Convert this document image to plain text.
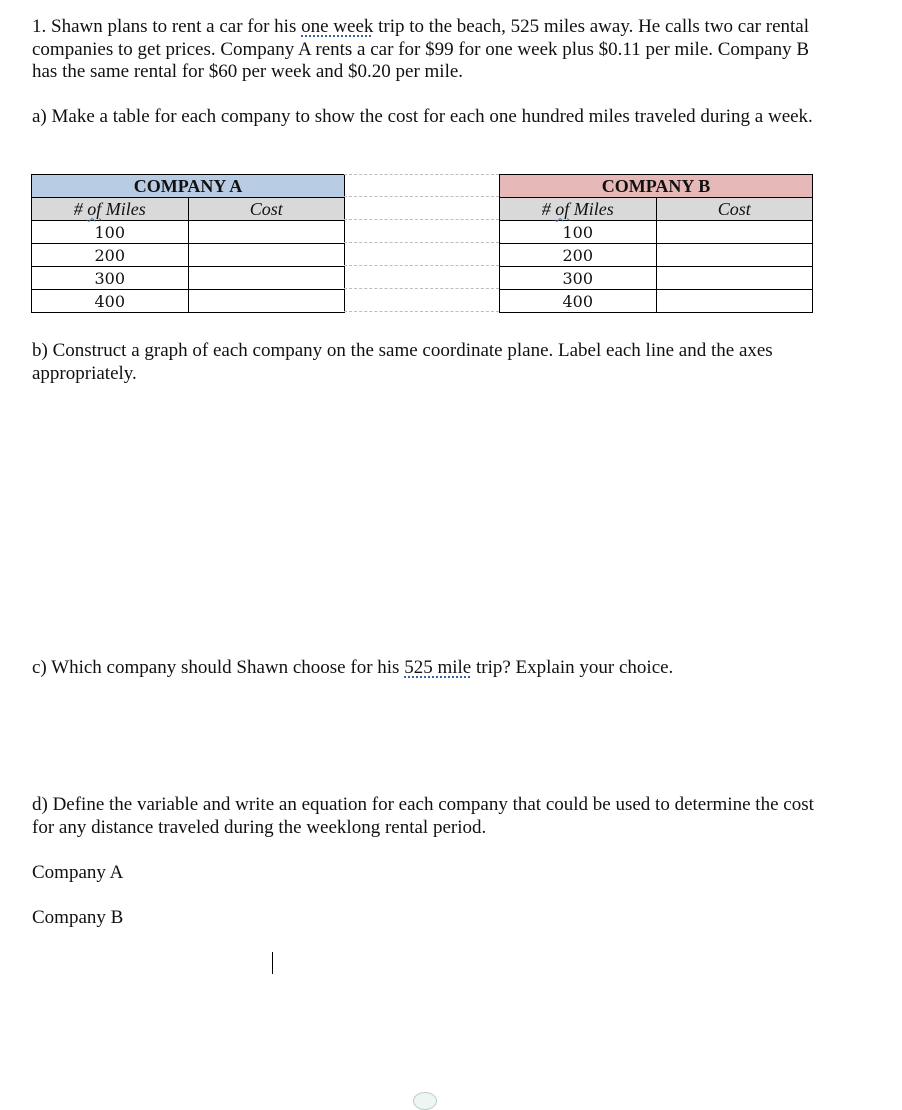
1. Shawn plans to rent a car for his one week trip to the beach, 525 miles away. He calls two car rental companies to get prices. Company A rents a car for $99 for one week plus $0.11 per mile. Company B has the same rental for $60 per week and $0.20 per mile.

a) Make a table for each company to show the cost for each one hundred miles traveled during a week.

COMPANY A	
# of Miles	Cost
100	
200	
300	
400	
COMPANY B	
# of Miles	Cost
100	
200	
300	
400	

b) Construct a graph of each company on the same coordinate plane. Label each line and the axes appropriately.

c) Which company should Shawn choose for his 525 mile trip? Explain your choice.

d) Define the variable and write an equation for each company that could be used to determine the cost for any distance traveled during the weeklong rental period.

Company A

Company B
